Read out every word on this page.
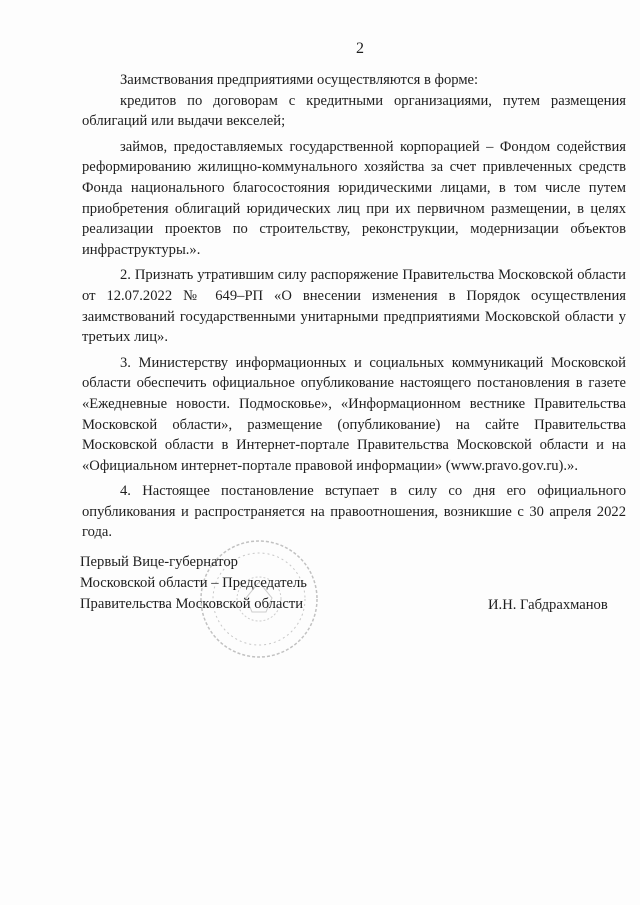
2

Заимствования предприятиями осуществляются в форме:

кредитов по договорам с кредитными организациями, путем размещения облигаций или выдачи векселей;

займов, предоставляемых государственной корпорацией – Фондом содействия реформированию жилищно-коммунального хозяйства за счет привлеченных средств Фонда национального благосостояния юридическими лицами, в том числе путем приобретения облигаций юридических лиц при их первичном размещении, в целях реализации проектов по строительству, реконструкции, модернизации объектов инфраструктуры.».

2. Признать утратившим силу распоряжение Правительства Московской области от 12.07.2022 № 649–РП «О внесении изменения в Порядок осуществления заимствований государственными унитарными предприятиями Московской области у третьих лиц».

3. Министерству информационных и социальных коммуникаций Московской области обеспечить официальное опубликование настоящего постановления в газете «Ежедневные новости. Подмосковье», «Информационном вестнике Правительства Московской области», размещение (опубликование) на сайте Правительства Московской области в Интернет-портале Правительства Московской области и на «Официальном интернет-портале правовой информации» (www.pravo.gov.ru).».

4. Настоящее постановление вступает в силу со дня его официального опубликования и распространяется на правоотношения, возникшие с 30 апреля 2022 года.

Первый Вице-губернатор
Московской области – Председатель
Правительства Московской области	И.Н. Габдрахманов
